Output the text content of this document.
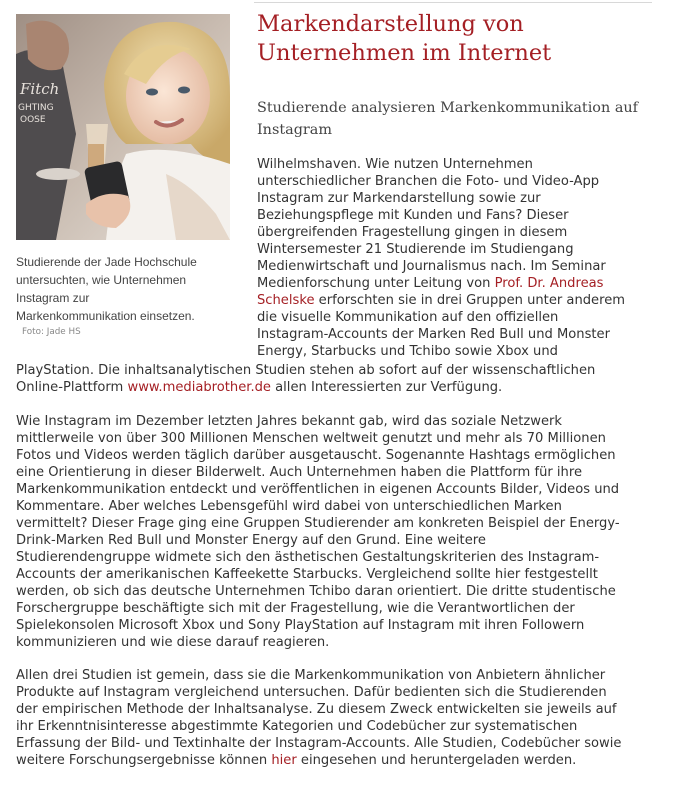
Fitch
GHTING
OOSE

Studierende der Jade Hochschule
untersuchten, wie Unternehmen
Instagram zur
Markenkommunikation einsetzen.

Foto: Jade HS

Markendarstellung von
Unternehmen im Internet
Studierende analysieren Markenkommunikation auf
Instagram

Wilhelmshaven. Wie nutzen Unternehmen
unterschiedlicher Branchen die Foto- und Video-App
Instagram zur Markendarstellung sowie zur
Beziehungspflege mit Kunden und Fans? Dieser
übergreifenden Fragestellung gingen in diesem
Wintersemester 21 Studierende im Studiengang
Medienwirtschaft und Journalismus nach. Im Seminar
Medienforschung unter Leitung von Prof. Dr. Andreas
Schelske erforschten sie in drei Gruppen unter anderem
die visuelle Kommunikation auf den offiziellen
Instagram-Accounts der Marken Red Bull und Monster
Energy, Starbucks und Tchibo sowie Xbox und

PlayStation. Die inhaltsanalytischen Studien stehen ab sofort auf der wissenschaftlichen
Online-Plattform www.mediabrother.de allen Interessierten zur Verfügung.

Wie Instagram im Dezember letzten Jahres bekannt gab, wird das soziale Netzwerk
mittlerweile von über 300 Millionen Menschen weltweit genutzt und mehr als 70 Millionen
Fotos und Videos werden täglich darüber ausgetauscht. Sogenannte Hashtags ermöglichen
eine Orientierung in dieser Bilderwelt. Auch Unternehmen haben die Plattform für ihre
Markenkommunikation entdeckt und veröffentlichen in eigenen Accounts Bilder, Videos und
Kommentare. Aber welches Lebensgefühl wird dabei von unterschiedlichen Marken
vermittelt? Dieser Frage ging eine Gruppen Studierender am konkreten Beispiel der Energy-
Drink-Marken Red Bull und Monster Energy auf den Grund. Eine weitere
Studierendengruppe widmete sich den ästhetischen Gestaltungskriterien des Instagram-
Accounts der amerikanischen Kaffeekette Starbucks. Vergleichend sollte hier festgestellt
werden, ob sich das deutsche Unternehmen Tchibo daran orientiert. Die dritte studentische
Forschergruppe beschäftigte sich mit der Fragestellung, wie die Verantwortlichen der
Spielekonsolen Microsoft Xbox und Sony PlayStation auf Instagram mit ihren Followern
kommunizieren und wie diese darauf reagieren.

Allen drei Studien ist gemein, dass sie die Markenkommunikation von Anbietern ähnlicher
Produkte auf Instagram vergleichend untersuchen. Dafür bedienten sich die Studierenden
der empirischen Methode der Inhaltsanalyse. Zu diesem Zweck entwickelten sie jeweils auf
ihr Erkenntnisinteresse abgestimmte Kategorien und Codebücher zur systematischen
Erfassung der Bild- und Textinhalte der Instagram-Accounts. Alle Studien, Codebücher sowie
weitere Forschungsergebnisse können hier eingesehen und heruntergeladen werden.
